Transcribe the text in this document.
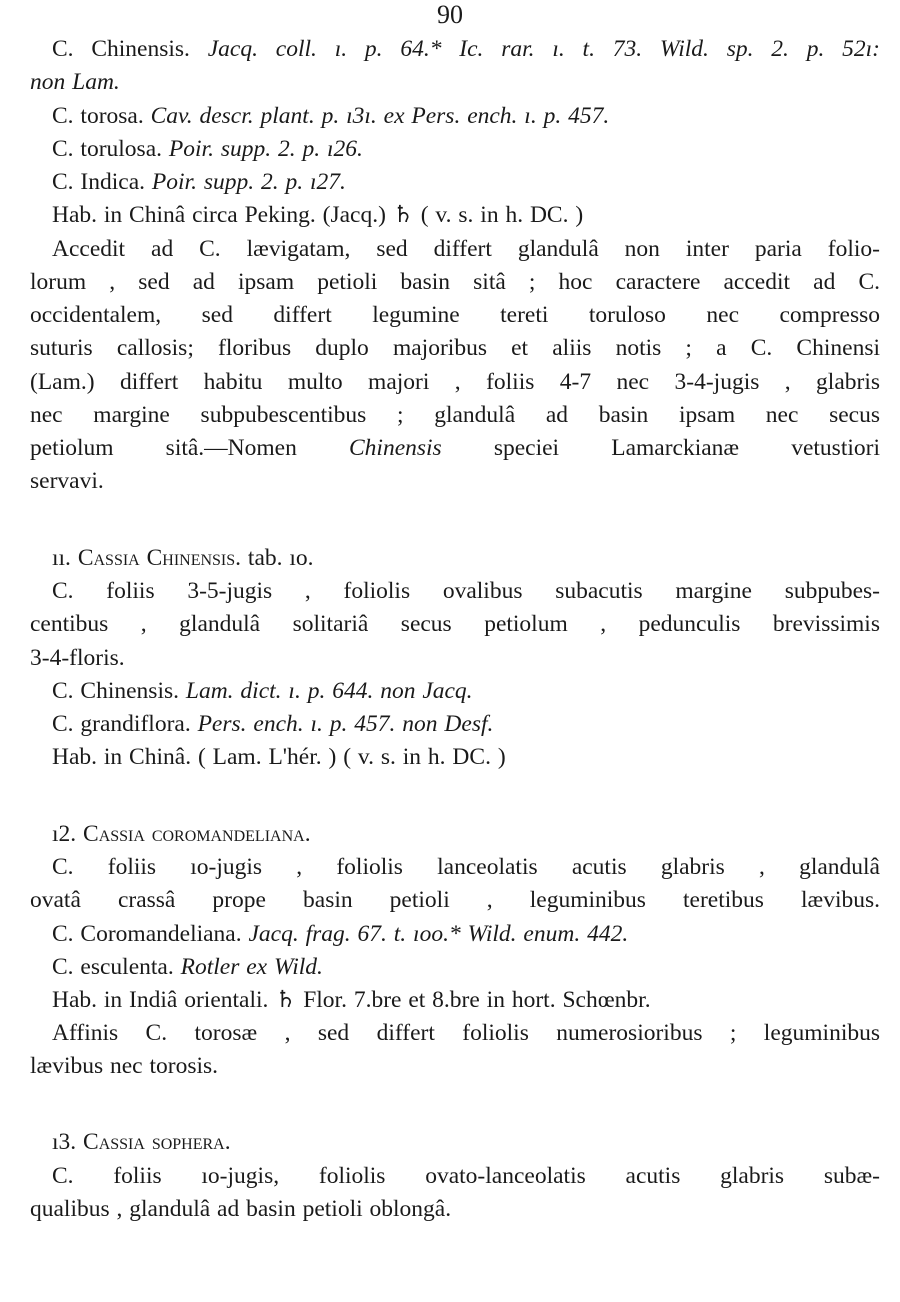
90
C. Chinensis. Jacq. coll. ı. p. 64.* Ic. rar. ı. t. 73. Wild. sp. 2. p. 52ı:
non Lam.
C. torosa. Cav. descr. plant. p. ı3ı. ex Pers. ench. ı. p. 457.
C. torulosa. Poir. supp. 2. p. ı26.
C. Indica. Poir. supp. 2. p. ı27.
Hab. in Chinâ circa Peking. (Jacq.) ♄ ( v. s. in h. DC. )
Accedit ad C. lævigatam, sed differt glandulâ non inter paria folio-
lorum , sed ad ipsam petioli basin sitâ ; hoc caractere accedit ad C.
occidentalem, sed differt legumine tereti toruloso nec compresso
suturis callosis; floribus duplo majoribus et aliis notis ; a C. Chinensi
(Lam.) differt habitu multo majori , foliis 4-7 nec 3-4-jugis , glabris
nec margine subpubescentibus ; glandulâ ad basin ipsam nec secus
petiolum sitâ.—Nomen Chinensis speciei Lamarckianæ vetustiori
servavi.
ıı. Cassia Chinensis. tab. ıo.
C. foliis 3-5-jugis , foliolis ovalibus subacutis margine subpubes-
centibus , glandulâ solitariâ secus petiolum , pedunculis brevissimis
3-4-floris.
C. Chinensis. Lam. dict. ı. p. 644. non Jacq.
C. grandiflora. Pers. ench. ı. p. 457. non Desf.
Hab. in Chinâ. ( Lam. L'hér. ) ( v. s. in h. DC. )
ı2. Cassia coromandeliana.
C. foliis ıo-jugis , foliolis lanceolatis acutis glabris , glandulâ
ovatâ crassâ prope basin petioli , leguminibus teretibus lævibus.
C. Coromandeliana. Jacq. frag. 67. t. ıoo.* Wild. enum. 442.
C. esculenta. Rotler ex Wild.
Hab. in Indiâ orientali. ♄ Flor. 7.bre et 8.bre in hort. Schœnbr.
Affinis C. torosæ , sed differt foliolis numerosioribus ; leguminibus
lævibus nec torosis.
ı3. Cassia sophera.
C. foliis ıo-jugis, foliolis ovato-lanceolatis acutis glabris subæ-
qualibus , glandulâ ad basin petioli oblongâ.
